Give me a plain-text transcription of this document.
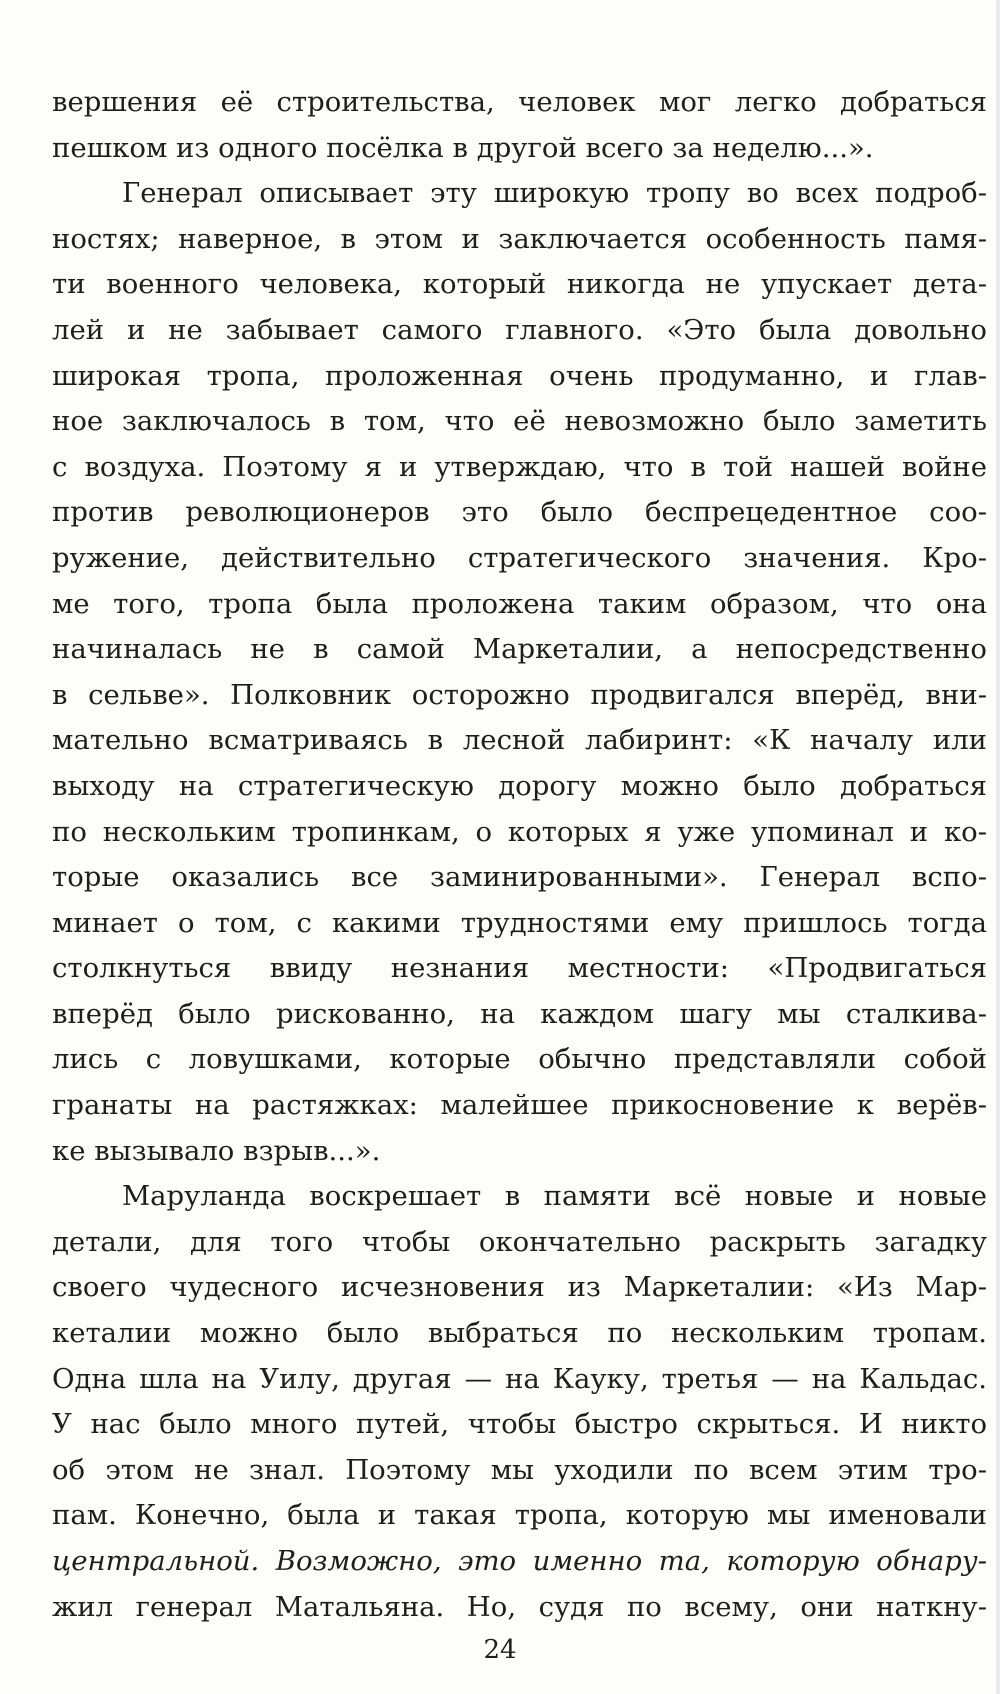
вершения её строительства, человек мог легко добраться
пешком из одного посёлка в другой всего за неделю...».
Генерал описывает эту широкую тропу во всех подроб-
ностях; наверное, в этом и заключается особенность памя-
ти военного человека, который никогда не упускает дета-
лей и не забывает самого главного. «Это была довольно
широкая тропа, проложенная очень продуманно, и глав-
ное заключалось в том, что её невозможно было заметить
с воздуха. Поэтому я и утверждаю, что в той нашей войне
против революционеров это было беспрецедентное соо-
ружение, действительно стратегического значения. Кро-
ме того, тропа была проложена таким образом, что она
начиналась не в самой Маркеталии, а непосредственно
в сельве». Полковник осторожно продвигался вперёд, вни-
мательно всматриваясь в лесной лабиринт: «К началу или
выходу на стратегическую дорогу можно было добраться
по нескольким тропинкам, о которых я уже упоминал и ко-
торые оказались все заминированными». Генерал вспо-
минает о том, с какими трудностями ему пришлось тогда
столкнуться ввиду незнания местности: «Продвигаться
вперёд было рискованно, на каждом шагу мы сталкива-
лись с ловушками, которые обычно представляли собой
гранаты на растяжках: малейшее прикосновение к верёв-
ке вызывало взрыв...».
Маруланда воскрешает в памяти всё новые и новые
детали, для того чтобы окончательно раскрыть загадку
своего чудесного исчезновения из Маркеталии: «Из Мар-
кеталии можно было выбраться по нескольким тропам.
Одна шла на Уилу, другая — на Кауку, третья — на Кальдас.
У нас было много путей, чтобы быстро скрыться. И никто
об этом не знал. Поэтому мы уходили по всем этим тро-
пам. Конечно, была и такая тропа, которую мы именовали
центральной. Возможно, это именно та, которую обнару-
жил генерал Матальяна. Но, судя по всему, они наткну-
24
